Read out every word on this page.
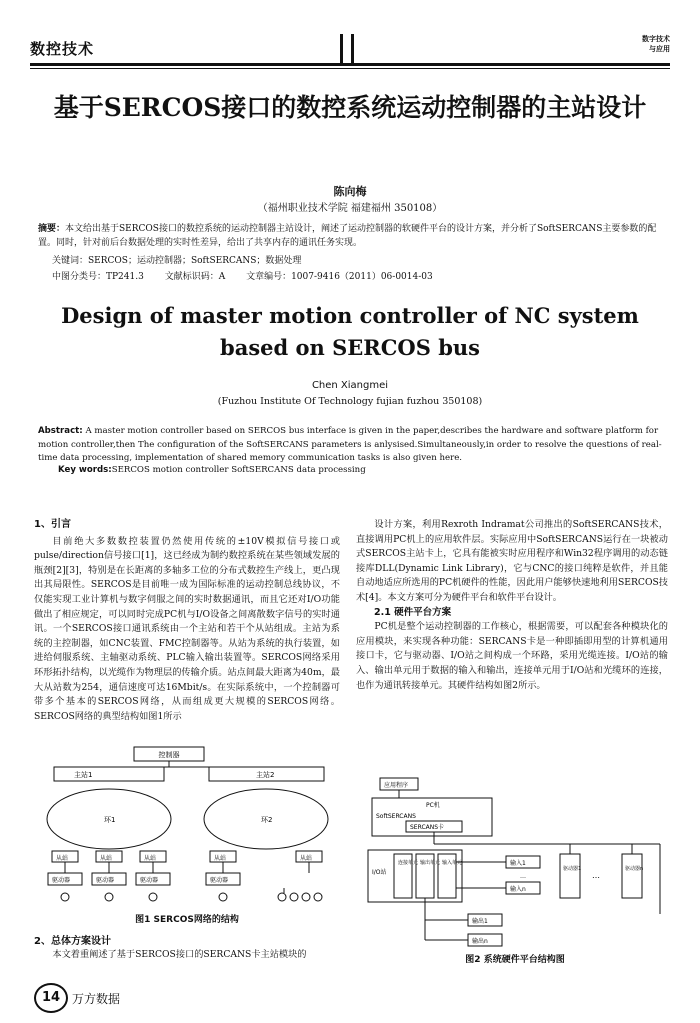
数控技术
数字技术
与应用
基于SERCOS接口的数控系统运动控制器的主站设计
陈向梅
（福州职业技术学院 福建福州 350108）
摘要：本文给出基于SERCOS接口的数控系统的运动控制器主站设计，阐述了运动控制器的软硬件平台的设计方案，并分析了SoftSERCANS主要参数的配置。同时，针对前后台数据处理的实时性差异，给出了共享内存的通讯任务实现。
关键词：SERCOS；运动控制器；SoftSERCANS；数据处理
中图分类号：TP241.3 文献标识码：A 文章编号：1007-9416（2011）06-0014-03
Design of master motion controller of NC system based on SERCOS bus
Chen Xiangmei
(Fuzhou Institute Of Technology fujian fuzhou 350108)
Abstract: A master motion controller based on SERCOS bus interface is given in the paper,describes the hardware and software platform for motion controller,then The configuration of the SoftSERCANS parameters is anlysised.Simultaneously,in order to resolve the questions of real-time data processing, implementation of shared memory communication tasks is also given here.
Key words:SERCOS motion controller SoftSERCANS data processing
1、引言
目前绝大多数数控装置仍然使用传统的±10V模拟信号接口或pulse/direction信号接口[1]，这已经成为制约数控系统在某些领域发展的瓶颈[2][3]，特别是在长距离的多轴多工位的分布式数控生产线上，更凸现出其局限性。SERCOS是目前唯一成为国际标准的运动控制总线协议，不仅能实现工业计算机与数字伺服之间的实时数据通讯，而且它还对I/O功能做出了相应规定，可以同时完成PC机与I/O设备之间离散数字信号的实时通讯。一个SERCOS接口通讯系统由一个主站和若干个从站组成。主站为系统的主控制器，如CNC装置、FMC控制器等。从站为系统的执行装置，如进给伺服系统、主轴驱动系统、PLC输入输出装置等。SERCOS网络采用环形拓扑结构，以光缆作为物理层的传输介质。站点间最大距离为40m，最大从站数为254，通信速度可达16Mbit/s。在实际系统中，一个控制器可带多个基本的SERCOS网络，从而组成更大规模的SERCOS网络。SERCOS网络的典型结构如图1所示
控制器
主站1	主站2
环1	环2
从站	从站	从站
驱动器	驱动器	驱动器
从站	从站
驱动器
图1 SERCOS网络的结构
2、总体方案设计
本文着重阐述了基于SERCOS接口的SERCANS卡主站模块的
设计方案，利用Rexroth Indramat公司推出的SoftSERCANS技术，直接调用PC机上的应用软件层。实际应用中SoftSERCANS运行在一块被动式SERCOS主站卡上，它具有能被实时应用程序和Win32程序调用的动态链接库DLL(Dynamic Link Library)，它与CNC的接口纯粹是软件，并且能自动地适应所选用的PC机硬件的性能，因此用户能够快速地利用SERCOS技术[4]。本文方案可分为硬件平台和软件平台设计。
2.1 硬件平台方案
PC机是整个运动控制器的工作核心，根据需要，可以配套各种模块化的应用模块，来实现各种功能：SERCANS卡是一种即插即用型的计算机通用接口卡，它与驱动器、I/O站之间构成一个环路，采用光缆连接。I/O站的输入、输出单元用于数据的输入和输出，连接单元用于I/O站和光缆环的连接，也作为通讯转接单元。其硬件结构如图2所示。
应用程序
PC机
SoftSERCANS
SERCANS卡
I/O站
连接单元 输出单元 输入单元	输入1
…
输入n
驱动器1
…
驱动器n
输出1
输出n
图2 系统硬件平台结构图
14 万方数据
